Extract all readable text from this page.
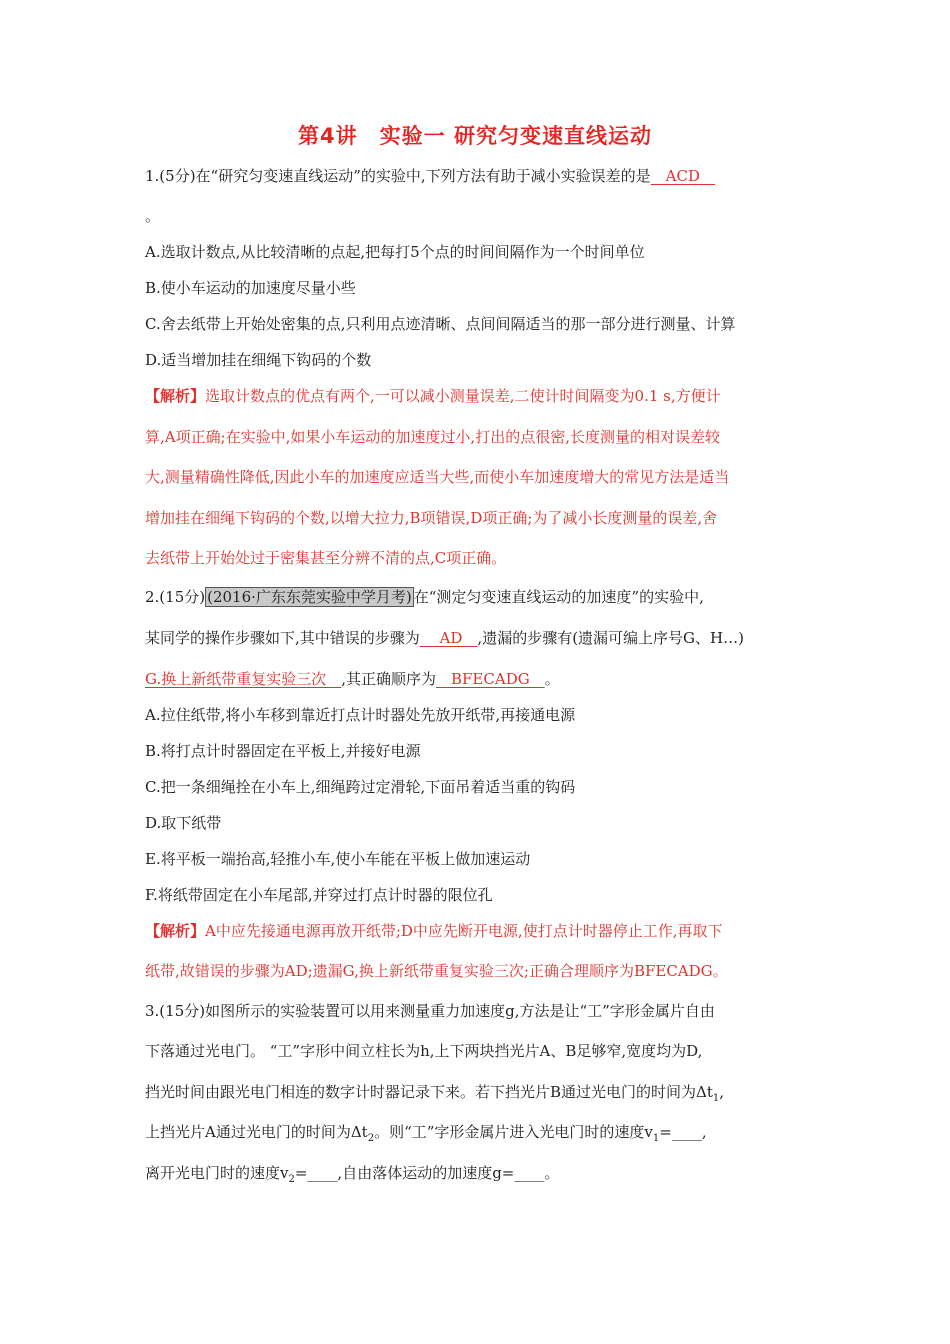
第4讲　实验一 研究匀变速直线运动
1.(5分)在“研究匀变速直线运动”的实验中,下列方法有助于减小实验误差的是　ACD　
。
A.选取计数点,从比较清晰的点起,把每打5个点的时间间隔作为一个时间单位
B.使小车运动的加速度尽量小些
C.舍去纸带上开始处密集的点,只利用点迹清晰、点间间隔适当的那一部分进行测量、计算
D.适当增加挂在细绳下钩码的个数
【解析】选取计数点的优点有两个,一可以减小测量误差,二使计时间隔变为0.1 s,方便计
算,A项正确;在实验中,如果小车运动的加速度过小,打出的点很密,长度测量的相对误差较
大,测量精确性降低,因此小车的加速度应适当大些,而使小车加速度增大的常见方法是适当
增加挂在细绳下钩码的个数,以增大拉力,B项错误,D项正确;为了减小长度测量的误差,舍
去纸带上开始处过于密集甚至分辨不清的点,C项正确。
2.(15分) (2016·广东东莞实验中学月考) 在“测定匀变速直线运动的加速度”的实验中,
某同学的操作步骤如下,其中错误的步骤为　 AD　,遗漏的步骤有(遗漏可编上序号G、H…)
G.换上新纸带重复实验三次　,其正确顺序为　BFECADG　。
A.拉住纸带,将小车移到靠近打点计时器处先放开纸带,再接通电源
B.将打点计时器固定在平板上,并接好电源
C.把一条细绳拴在小车上,细绳跨过定滑轮,下面吊着适当重的钩码
D.取下纸带
E.将平板一端抬高,轻推小车,使小车能在平板上做加速运动
F.将纸带固定在小车尾部,并穿过打点计时器的限位孔
【解析】A中应先接通电源再放开纸带;D中应先断开电源,使打点计时器停止工作,再取下
纸带,故错误的步骤为AD;遗漏G,换上新纸带重复实验三次;正确合理顺序为BFECADG。
3.(15分)如图所示的实验装置可以用来测量重力加速度g,方法是让“工”字形金属片自由
下落通过光电门。 “工”字形中间立柱长为h,上下两块挡光片A、B足够窄,宽度均为D,
挡光时间由跟光电门相连的数字计时器记录下来。若下挡光片B通过光电门的时间为$\Delta t_1$,
上挡光片A通过光电门的时间为$\Delta t_2$。则“工”字形金属片进入光电门时的速度$v_1=\_\_\_\_$,
离开光电门时的速度$v_2=\_\_\_\_$,自由落体运动的加速度g=____。
